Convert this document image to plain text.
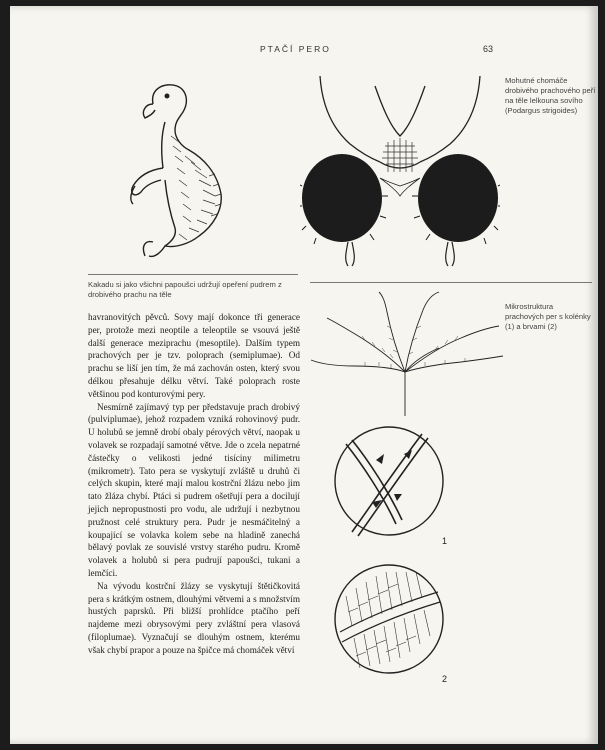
PTAČÍ PERO	63
Mohutné chomáče drobivého prachového peří na těle lelkouna sovího (Podargus strigoides)
Kakadu si jako všichni papoušci udržují opeření pudrem z drobivého prachu na těle
Mikrostruktura prachových per s kolénky (1) a brvami (2)
1
2

havranovitých pěvců. Sovy mají dokonce tři generace per, protože mezi neoptile a teleoptile se vsouvá ještě další generace meziprachu (mesoptile). Dalším typem prachových per je tzv. poloprach (semiplumae). Od prachu se liší jen tím, že má zachován osten, který svou délkou přesahuje délku větví. Také poloprach roste většinou pod konturovými pery.

Nesmírně zajímavý typ per představuje prach drobivý (pulviplumae), jehož rozpadem vzniká rohovinový pudr. U holubů se jemně drobí obaly pérových větví, naopak u volavek se rozpadají samotné větve. Jde o zcela nepatrné částečky o velikosti jedné tisíciny milimetru (mikrometr). Tato pera se vyskytují zvláště u druhů či celých skupin, které mají malou kostrční žlázu nebo jim tato žláza chybí. Ptáci si pudrem ošetřují pera a docilují jejich nepropustnosti pro vodu, ale udržují i nezbytnou pružnost celé struktury pera. Pudr je nesmáčitelný a koupající se volavka kolem sebe na hladině zanechá bělavý povlak ze souvislé vrstvy starého pudru. Kromě volavek a holubů si pera pudrují papoušci, tukani a lemčíci.

Na vývodu kostrční žlázy se vyskytují štětičkovitá pera s krátkým ostnem, dlouhými větvemi a s množstvím hustých paprsků. Při bližší prohlídce ptačího peří najdeme mezi obrysovými pery zvláštní pera vlasová (filoplumae). Vyznačují se dlouhým ostnem, kterému však chybí prapor a pouze na špičce má chomáček větví
